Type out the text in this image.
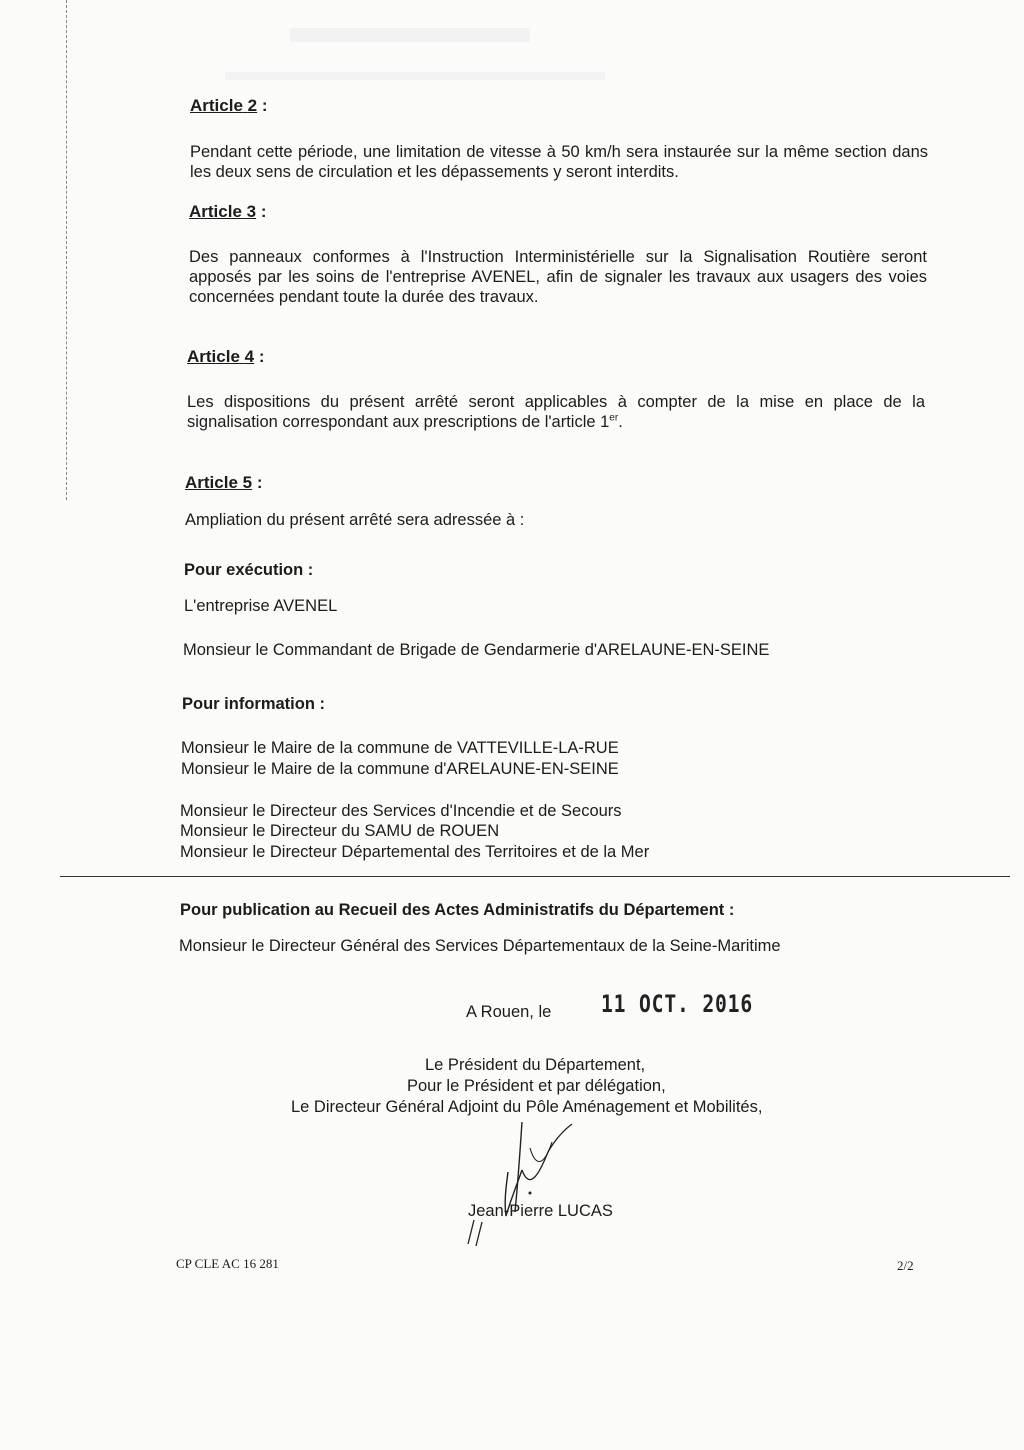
Article 2 :
Pendant cette période, une limitation de vitesse à 50 km/h sera instaurée sur la même section dans les deux sens de circulation et les dépassements y seront interdits.
Article 3 :
Des panneaux conformes à l'Instruction Interministérielle sur la Signalisation Routière seront apposés par les soins de l'entreprise AVENEL, afin de signaler les travaux aux usagers des voies concernées pendant toute la durée des travaux.
Article 4 :
Les dispositions du présent arrêté seront applicables à compter de la mise en place de la signalisation correspondant aux prescriptions de l'article 1er.
Article 5 :
Ampliation du présent arrêté sera adressée à :
Pour exécution :
L'entreprise AVENEL
Monsieur le Commandant de Brigade de Gendarmerie d'ARELAUNE-EN-SEINE
Pour information :
Monsieur le Maire de la commune de VATTEVILLE-LA-RUE
Monsieur le Maire de la commune d'ARELAUNE-EN-SEINE
Monsieur le Directeur des Services d'Incendie et de Secours
Monsieur le Directeur du SAMU de ROUEN
Monsieur le Directeur Départemental des Territoires et de la Mer
Pour publication au Recueil des Actes Administratifs du Département :
Monsieur le Directeur Général des Services Départementaux de la Seine-Maritime
A Rouen, le 11 OCT. 2016
Le Président du Département,
Pour le Président et par délégation,
Le Directeur Général Adjoint du Pôle Aménagement et Mobilités,
Jean-Pierre LUCAS
CP CLE AC 16 281	2/2
